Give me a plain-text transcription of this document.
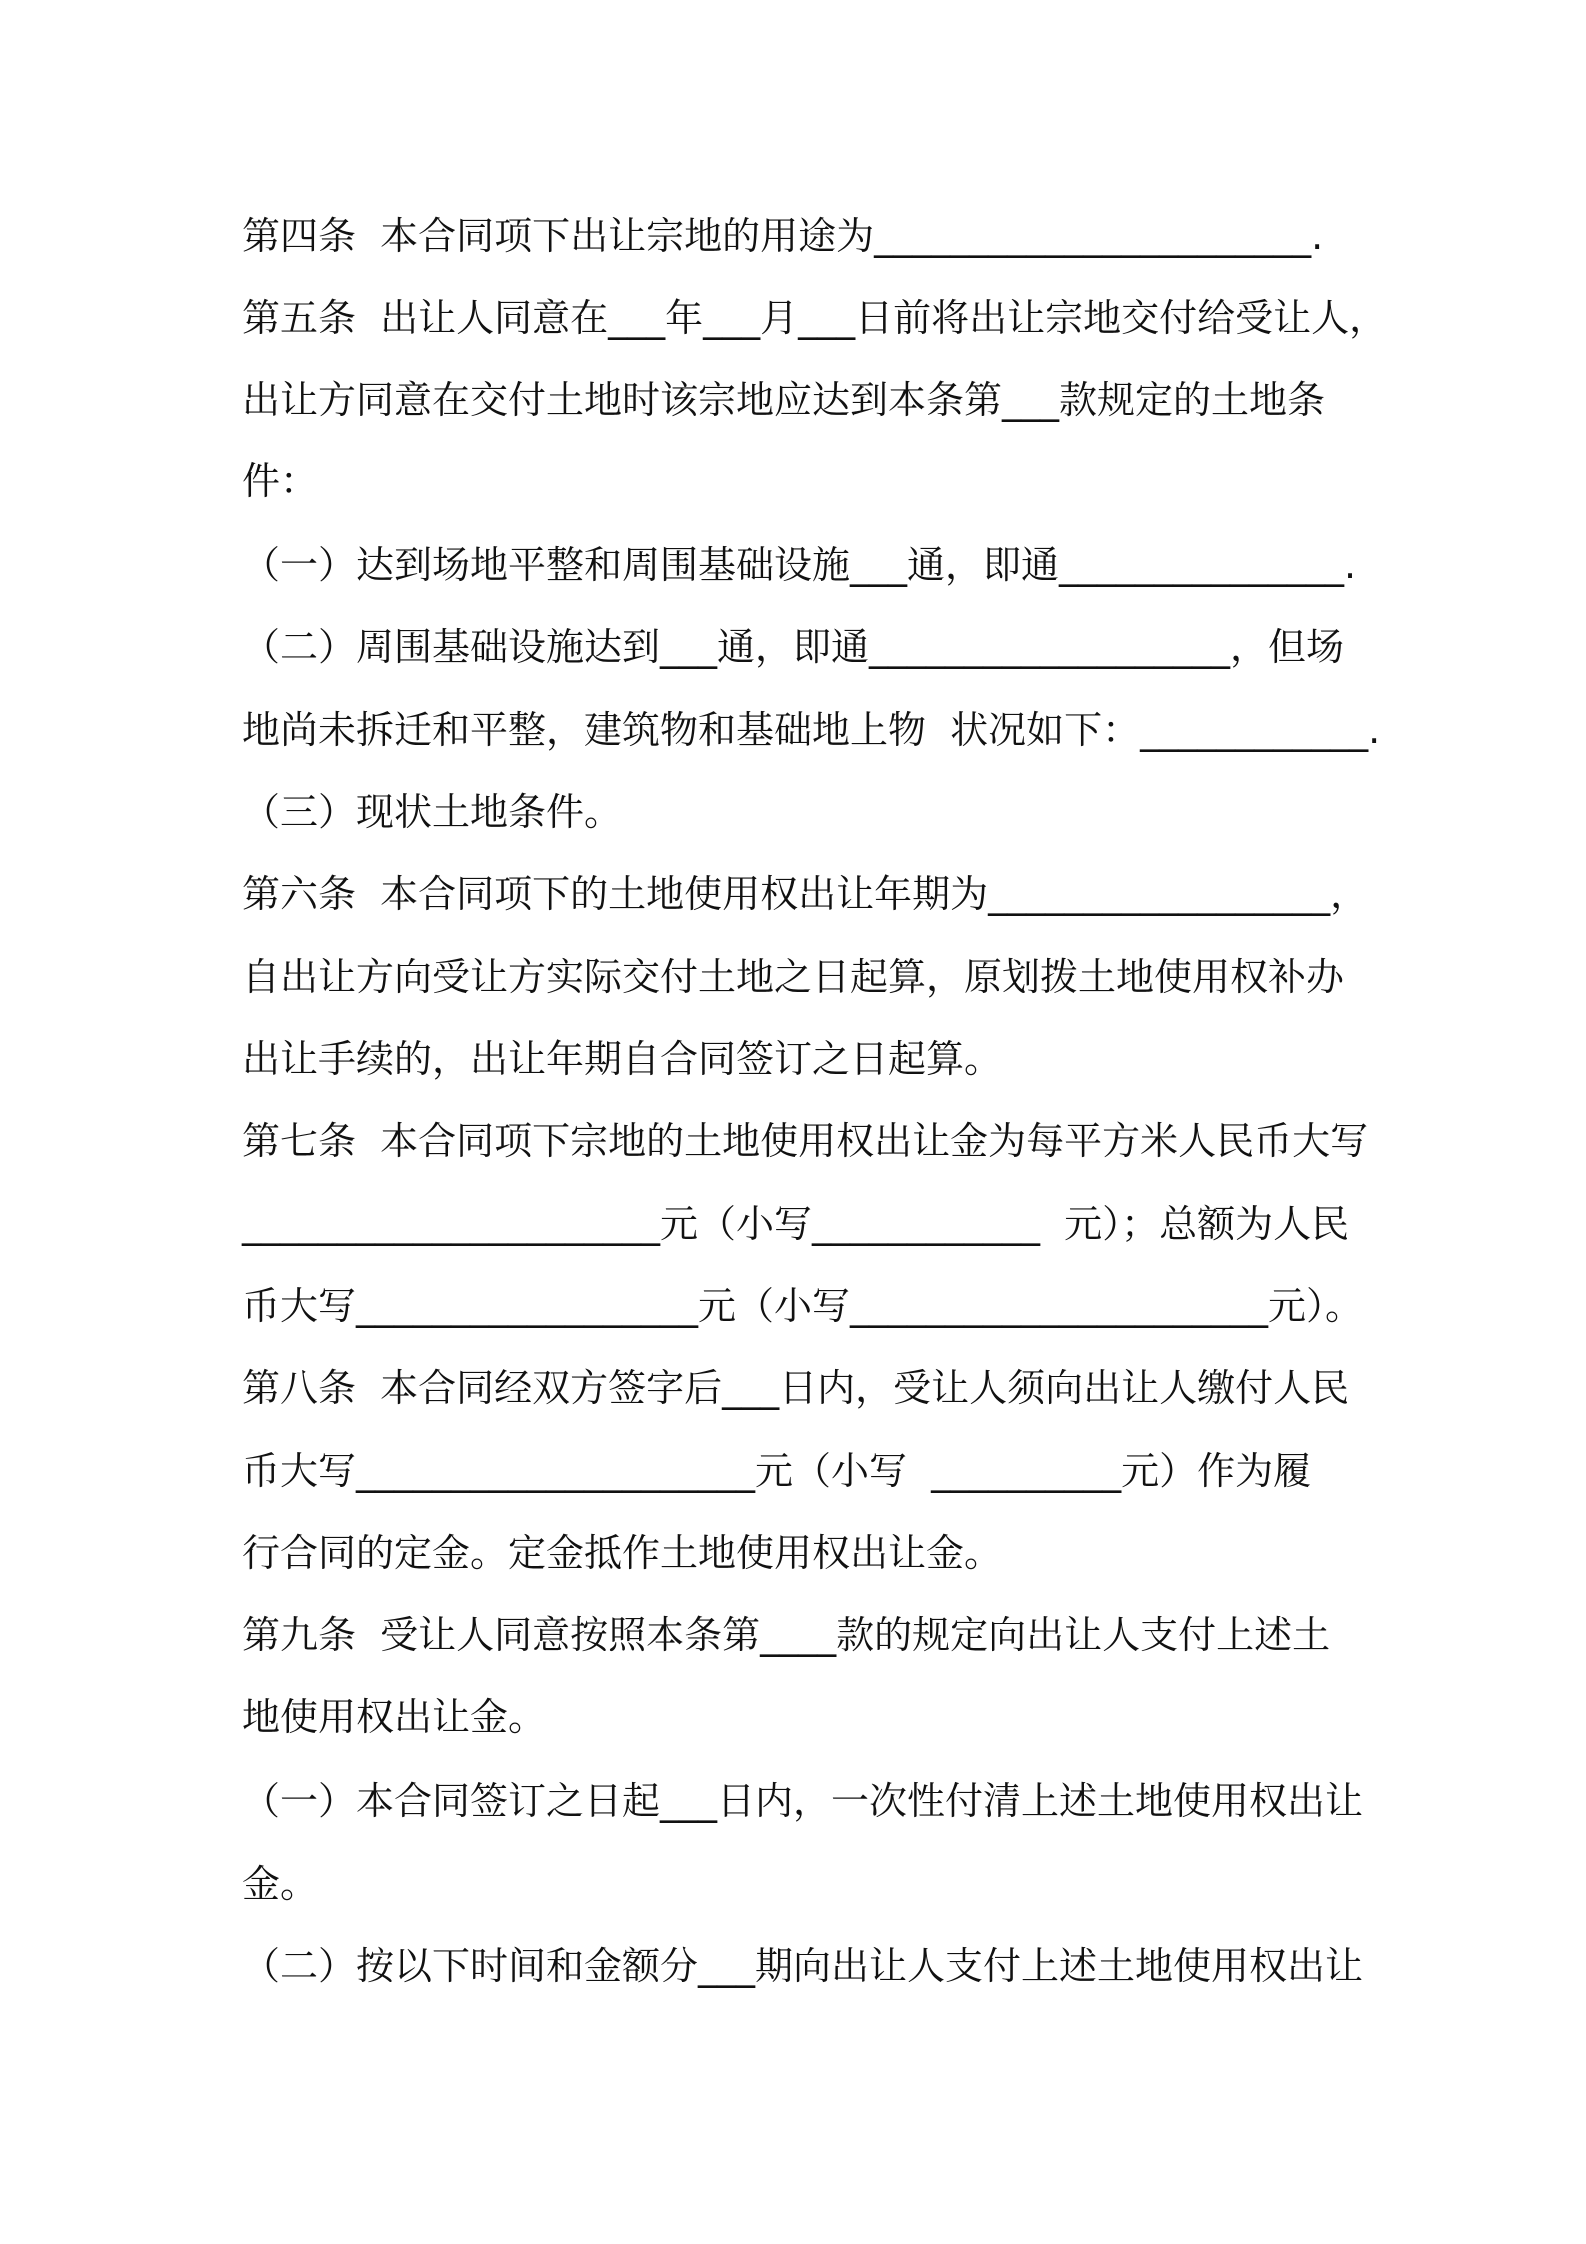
第四条  本合同项下出让宗地的用途为_______________________.
第五条  出让人同意在___年___月___日前将出让宗地交付给受让人，
出让方同意在交付土地时该宗地应达到本条第___款规定的土地条
件：
（一）达到场地平整和周围基础设施___通，即通_______________.
（二）周围基础设施达到___通，即通___________________，但场
地尚未拆迁和平整，建筑物和基础地上物  状况如下：____________.
（三）现状土地条件。
第六条  本合同项下的土地使用权出让年期为__________________，
自出让方向受让方实际交付土地之日起算，原划拨土地使用权补办
出让手续的，出让年期自合同签订之日起算。
第七条  本合同项下宗地的土地使用权出让金为每平方米人民币大写
______________________元（小写____________  元）；总额为人民
币大写__________________元（小写______________________元）。
第八条  本合同经双方签字后___日内，受让人须向出让人缴付人民
币大写_____________________元（小写  __________元）作为履
行合同的定金。定金抵作土地使用权出让金。
第九条  受让人同意按照本条第____款的规定向出让人支付上述土
地使用权出让金。
（一）本合同签订之日起___日内，一次性付清上述土地使用权出让
金。
（二）按以下时间和金额分___期向出让人支付上述土地使用权出让
